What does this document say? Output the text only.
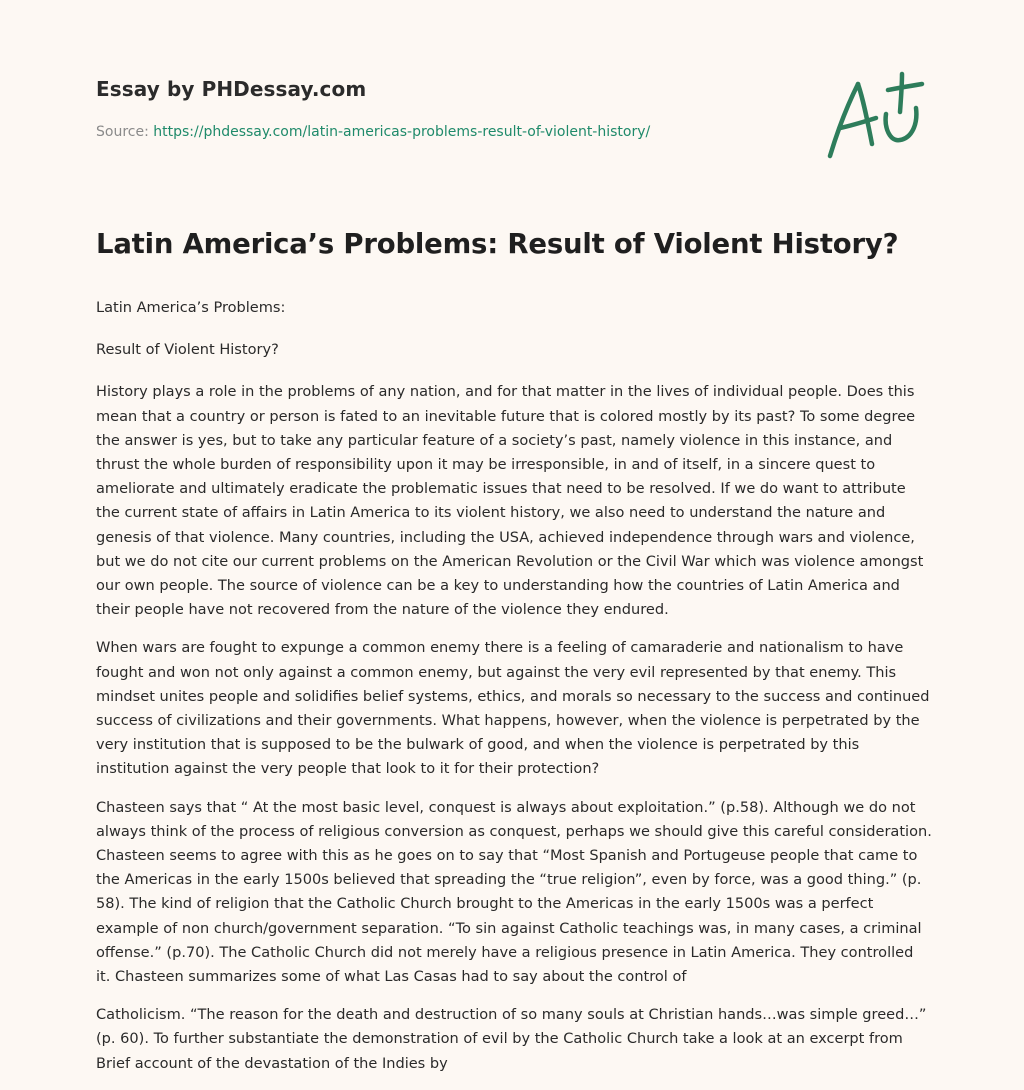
Essay by PHDessay.com
Source: https://phdessay.com/latin-americas-problems-result-of-violent-history/
Latin America’s Problems: Result of Violent History?

Latin America’s Problems:

Result of Violent History?

History plays a role in the problems of any nation, and for that matter in the lives of individual people. Does this mean that a country or person is fated to an inevitable future that is colored mostly by its past? To some degree the answer is yes, but to take any particular feature of a society’s past, namely violence in this instance, and thrust the whole burden of responsibility upon it may be irresponsible, in and of itself, in a sincere quest to ameliorate and ultimately eradicate the problematic issues that need to be resolved. If we do want to attribute the current state of affairs in Latin America to its violent history, we also need to understand the nature and genesis of that violence. Many countries, including the USA, achieved independence through wars and violence, but we do not cite our current problems on the American Revolution or the Civil War which was violence amongst our own people. The source of violence can be a key to understanding how the countries of Latin America and their people have not recovered from the nature of the violence they endured.

When wars are fought to expunge a common enemy there is a feeling of camaraderie and nationalism to have fought and won not only against a common enemy, but against the very evil represented by that enemy. This mindset unites people and solidifies belief systems, ethics, and morals so necessary to the success and continued success of civilizations and their governments. What happens, however, when the violence is perpetrated by the very institution that is supposed to be the bulwark of good, and when the violence is perpetrated by this institution against the very people that look to it for their protection?

Chasteen says that “ At the most basic level, conquest is always about exploitation.” (p.58). Although we do not always think of the process of religious conversion as conquest, perhaps we should give this careful consideration. Chasteen seems to agree with this as he goes on to say that “Most Spanish and Portugeuse people that came to the Americas in the early 1500s believed that spreading the “true religion”, even by force, was a good thing.” (p. 58). The kind of religion that the Catholic Church brought to the Americas in the early 1500s was a perfect example of non church/government separation. “To sin against Catholic teachings was, in many cases, a criminal offense.” (p.70). The Catholic Church did not merely have a religious presence in Latin America. They controlled it. Chasteen summarizes some of what Las Casas had to say about the control of

Catholicism. “The reason for the death and destruction of so many souls at Christian hands…was simple greed…” (p. 60). To further substantiate the demonstration of evil by the Catholic Church take a look at an excerpt from Brief account of the devastation of the Indies by
